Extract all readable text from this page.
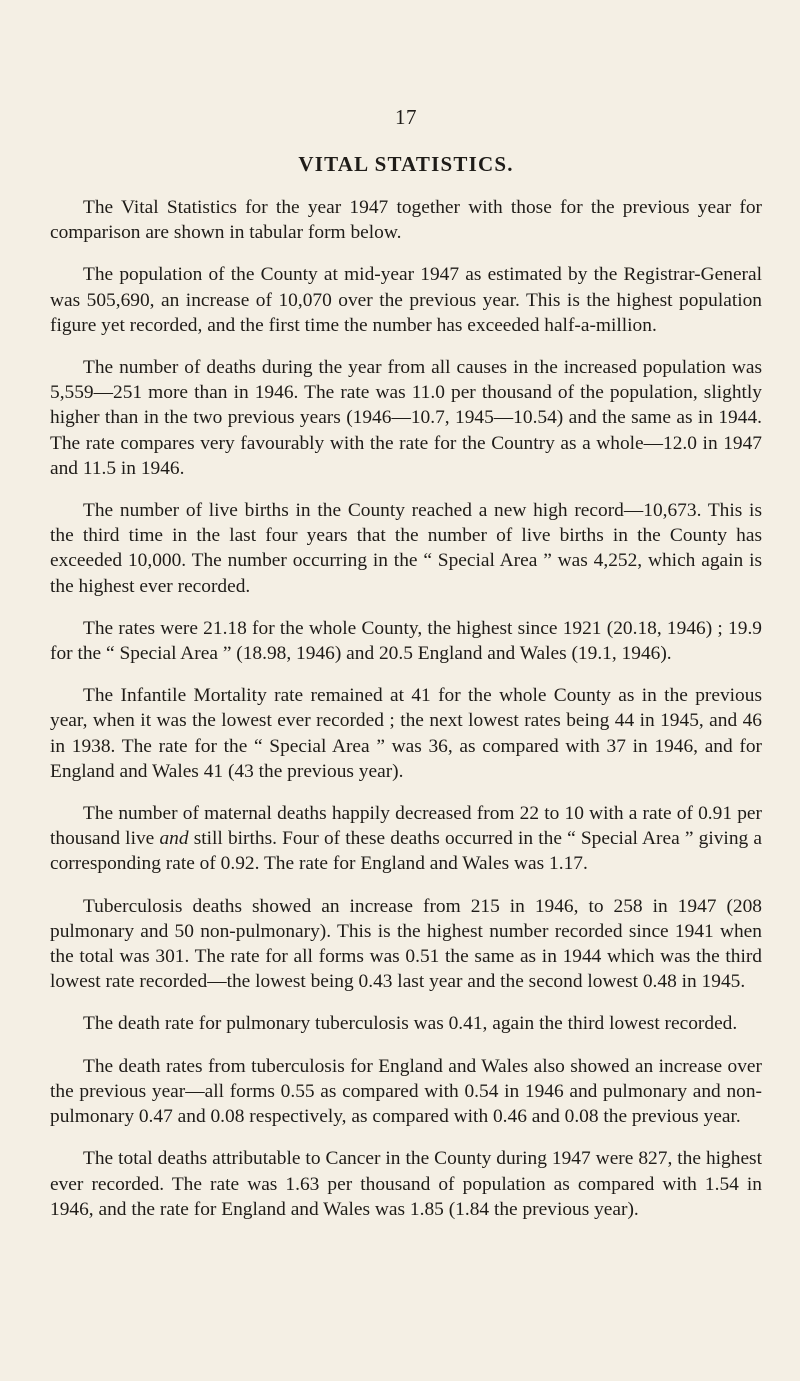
17
VITAL STATISTICS.

The Vital Statistics for the year 1947 together with those for the previous year for comparison are shown in tabular form below.

The population of the County at mid-year 1947 as estimated by the Registrar-General was 505,690, an increase of 10,070 over the previous year. This is the highest population figure yet recorded, and the first time the number has exceeded half-a-million.

The number of deaths during the year from all causes in the increased population was 5,559—251 more than in 1946. The rate was 11.0 per thousand of the population, slightly higher than in the two previous years (1946—10.7, 1945—10.54) and the same as in 1944. The rate compares very favourably with the rate for the Country as a whole—12.0 in 1947 and 11.5 in 1946.

The number of live births in the County reached a new high record—10,673. This is the third time in the last four years that the number of live births in the County has exceeded 10,000. The number occurring in the “ Special Area ” was 4,252, which again is the highest ever recorded.

The rates were 21.18 for the whole County, the highest since 1921 (20.18, 1946) ; 19.9 for the “ Special Area ” (18.98, 1946) and 20.5 England and Wales (19.1, 1946).

The Infantile Mortality rate remained at 41 for the whole County as in the previous year, when it was the lowest ever recorded ; the next lowest rates being 44 in 1945, and 46 in 1938. The rate for the “ Special Area ” was 36, as compared with 37 in 1946, and for England and Wales 41 (43 the previous year).

The number of maternal deaths happily decreased from 22 to 10 with a rate of 0.91 per thousand live and still births. Four of these deaths occurred in the “ Special Area ” giving a corresponding rate of 0.92. The rate for England and Wales was 1.17.

Tuberculosis deaths showed an increase from 215 in 1946, to 258 in 1947 (208 pulmonary and 50 non-pulmonary). This is the highest number recorded since 1941 when the total was 301. The rate for all forms was 0.51 the same as in 1944 which was the third lowest rate recorded—the lowest being 0.43 last year and the second lowest 0.48 in 1945.

The death rate for pulmonary tuberculosis was 0.41, again the third lowest recorded.

The death rates from tuberculosis for England and Wales also showed an increase over the previous year—all forms 0.55 as compared with 0.54 in 1946 and pulmonary and non-pulmonary 0.47 and 0.08 respectively, as compared with 0.46 and 0.08 the previous year.

The total deaths attributable to Cancer in the County during 1947 were 827, the highest ever recorded. The rate was 1.63 per thousand of population as compared with 1.54 in 1946, and the rate for England and Wales was 1.85 (1.84 the previous year).
